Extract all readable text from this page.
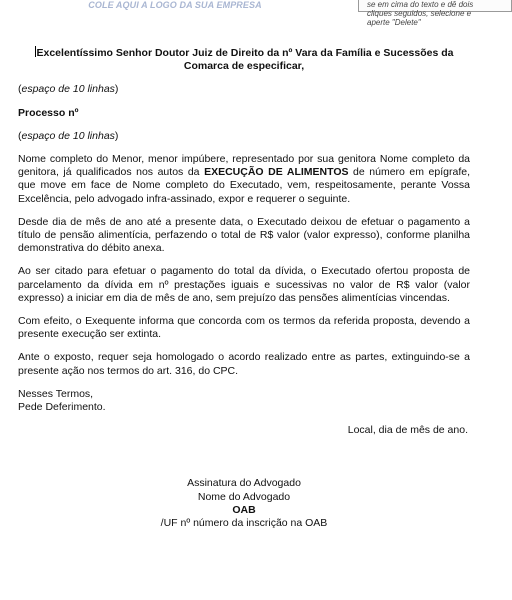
COLE AQUI A LOGO DA SUA EMPRESA	se em cima do texto e dê dois
cliques seguidos, selecione e
aperte "Delete"

Excelentíssimo Senhor Doutor Juiz de Direito da nº Vara da Família e Sucessões da Comarca de especificar,

(espaço de 10 linhas)

Processo nº

(espaço de 10 linhas)

Nome completo do Menor, menor impúbere, representado por sua genitora Nome completo da genitora, já qualificados nos autos da EXECUÇÃO DE ALIMENTOS de número em epígrafe, que move em face de Nome completo do Executado, vem, respeitosamente, perante Vossa Excelência, pelo advogado infra-assinado, expor e requerer o seguinte.

Desde dia de mês de ano até a presente data, o Executado deixou de efetuar o pagamento a título de pensão alimentícia, perfazendo o total de R$ valor (valor expresso), conforme planilha demonstrativa do débito anexa.

Ao ser citado para efetuar o pagamento do total da dívida, o Executado ofertou proposta de parcelamento da dívida em nº prestações iguais e sucessivas no valor de R$ valor (valor expresso) a iniciar em dia de mês de ano, sem prejuízo das pensões alimentícias vincendas.

Com efeito, o Exequente informa que concorda com os termos da referida proposta, devendo a presente execução ser extinta.

Ante o exposto, requer seja homologado o acordo realizado entre as partes, extinguindo-se a presente ação nos termos do art. 316, do CPC.

Nesses Termos,
Pede Deferimento.

Local, dia de mês de ano.

Assinatura do Advogado
Nome do Advogado
OAB
/UF nº número da inscrição na OAB
